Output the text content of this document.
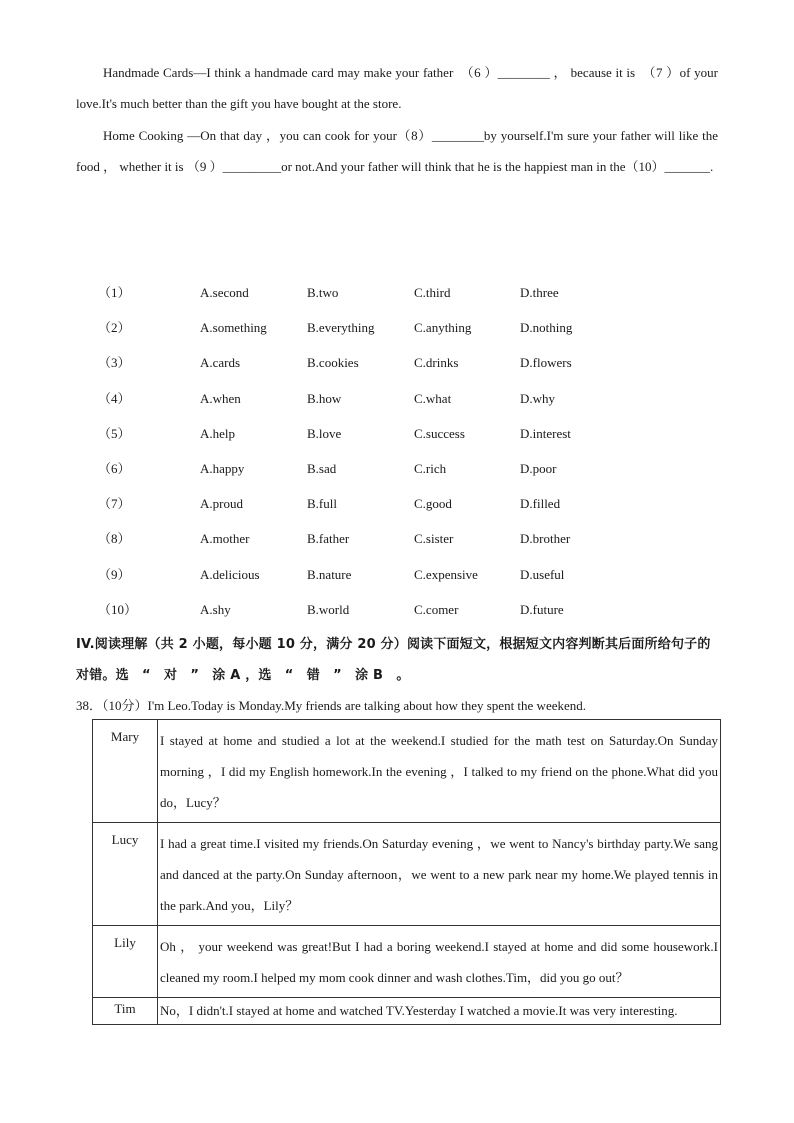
Handmade Cards—I think a handmade card may make your father  （6 ）________ ， because it is  （7 ）of your love.It's much better than the gift you have bought at the store.
Home Cooking —On that day ，you can cook for your（8）________by yourself.I'm sure your father will like the food ， whether it is （9 ）_________or not.And your father will think that he is the happiest man in the（10）_______.
（1）	A.second	B.two	C.third	D.three
（2）	A.something	B.everything	C.anything	D.nothing
（3）	A.cards	B.cookies	C.drinks	D.flowers
（4）	A.when	B.how	C.what	D.why
（5）	A.help	B.love	C.success	D.interest
（6）	A.happy	B.sad	C.rich	D.poor
（7）	A.proud	B.full	C.good	D.filled
（8）	A.mother	B.father	C.sister	D.brother
（9）	A.delicious	B.nature	C.expensive	D.useful
（10）	A.shy	B.world	C.comer	D.future
IV.阅读理解（共 2 小题，每小题 10 分，满分 20 分）阅读下面短文，根据短文内容判断其后面所给句子的对错。选　“　对　”　涂 A ，选　“　错　”　涂 B　。
38．（10分）I'm Leo.Today is Monday.My friends are talking about how they spent the weekend.
Mary	I stayed at home and studied a lot at the weekend.I studied for the math test on Saturday.On Sunday morning ，I did my English homework.In the evening ，I talked to my friend on the phone.What did you do，Lucy？
Lucy	I had a great time.I visited my friends.On Saturday evening ，we went to Nancy's birthday party.We sang and danced at the party.On Sunday afternoon，we went to a new park near my home.We played tennis in the park.And you，Lily？
Lily	Oh ， your weekend was great!But I had a boring weekend.I stayed at home and did some housework.I cleaned my room.I helped my mom cook dinner and wash clothes.Tim，did you go out？
Tim	No，I didn't.I stayed at home and watched TV.Yesterday I watched a movie.It was very interesting.
